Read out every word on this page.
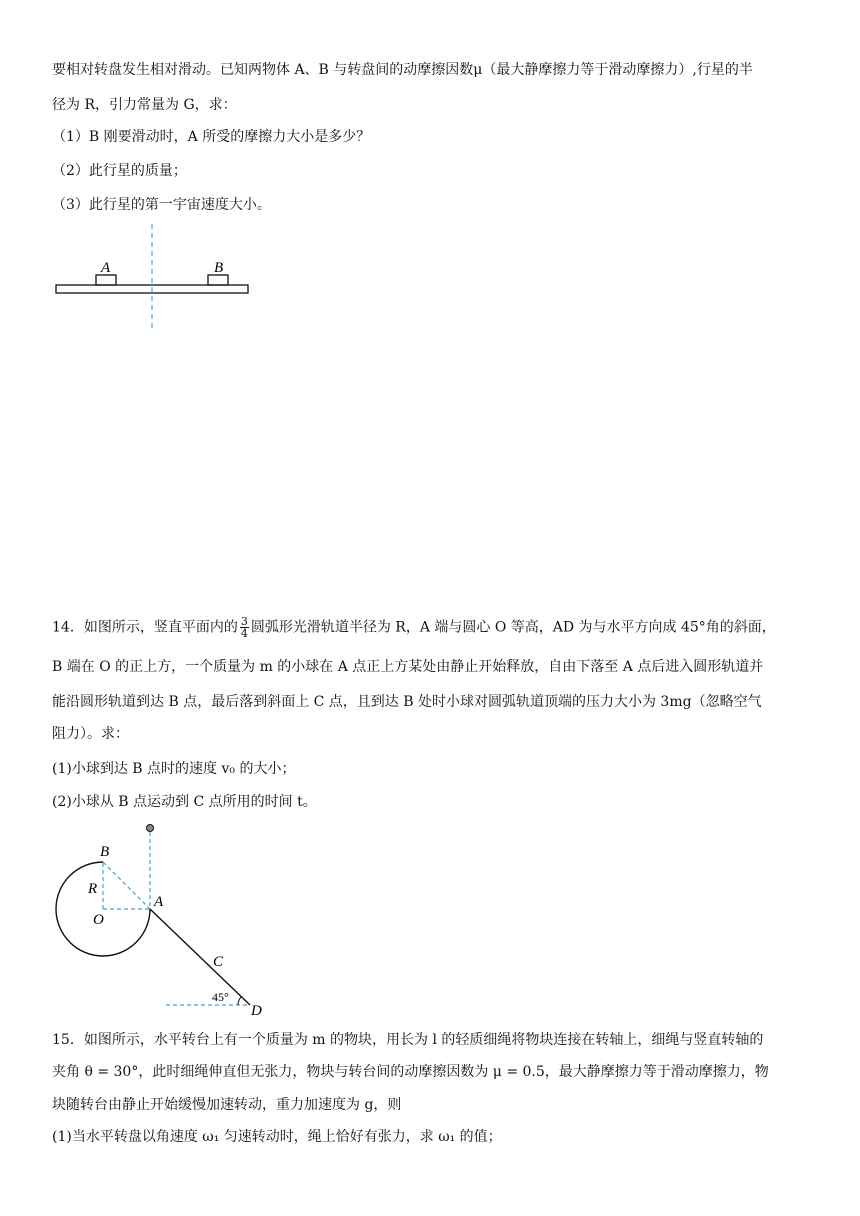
要相对转盘发生相对滑动。已知两物体 A、B 与转盘间的动摩擦因数μ（最大静摩擦力等于滑动摩擦力）,行星的半
径为 R，引力常量为 G，求：
（1）B 刚要滑动时，A 所受的摩擦力大小是多少？
（2）此行星的质量；
（3）此行星的第一宇宙速度大小。
A	B
14．如图所示，竖直平面内的 $\frac{3}{4}$ 圆弧形光滑轨道半径为 R，A 端与圆心 O 等高，AD 为与水平方向成 45°角的斜面，
B 端在 O 的正上方，一个质量为 m 的小球在 A 点正上方某处由静止开始释放，自由下落至 A 点后进入圆形轨道并
能沿圆形轨道到达 B 点，最后落到斜面上 C 点，且到达 B 处时小球对圆弧轨道顶端的压力大小为 3mg（忽略空气
阻力）。求：
(1)小球到达 B 点时的速度 v₀ 的大小；
(2)小球从 B 点运动到 C 点所用的时间 t。
B
R
O
A
C
D
45°
15．如图所示，水平转台上有一个质量为 m 的物块，用长为 l 的轻质细绳将物块连接在转轴上，细绳与竖直转轴的
夹角 θ = 30°，此时细绳伸直但无张力，物块与转台间的动摩擦因数为 μ = 0.5，最大静摩擦力等于滑动摩擦力，物
块随转台由静止开始缓慢加速转动，重力加速度为 g，则
(1)当水平转盘以角速度 ω₁ 匀速转动时，绳上恰好有张力，求 ω₁ 的值；
